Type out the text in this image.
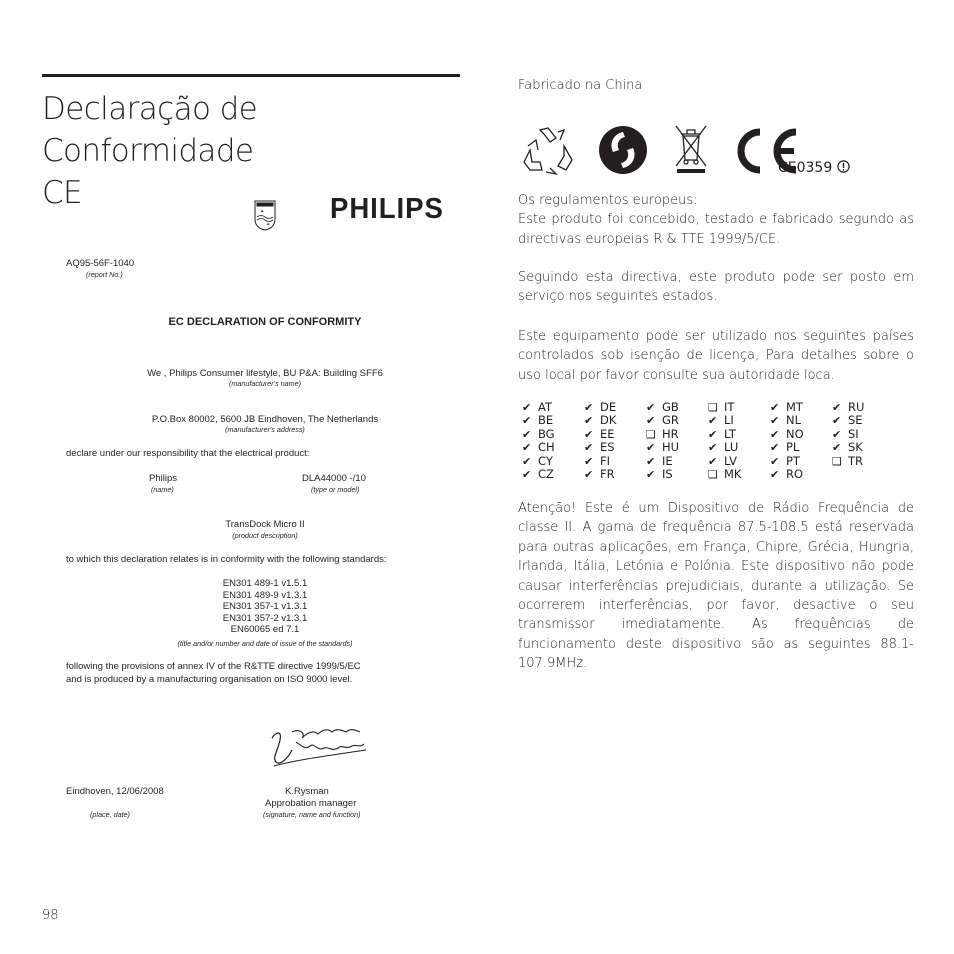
Declaração de Conformidade
CE
✦
✦ PHILIPS
AQ95-56F-1040
(report No.)
EC DECLARATION OF CONFORMITY
We , Philips Consumer lifestyle, BU P&A: Building SFF6
(manufacturer's name)
P.O.Box 80002, 5600 JB Eindhoven, The Netherlands
(manufacturer's address)
declare under our responsibility that the electrical product:
Philips
(name)
DLA44000 -/10
(type or model)
TransDock Micro II
(product description)
to which this declaration relates is in conformity with the following standards:
EN301 489-1 v1.5.1
EN301 489-9 v1.3.1
EN301 357-1 v1.3.1
EN301 357-2 v1.3.1
EN60065 ed 7.1
(title and/or number and date of issue of the standards)
following the provisions of annex IV of the R&TTE directive 1999/5/EC
and is produced by a manufacturing organisation on ISO 9000 level.
Eindhoven, 12/06/2008
(place, date)
K.Rysman
Approbation manager
(signature, name and function)
98
Fabricado na China
CE0359

Os regulamentos europeus:
Este produto foi concebido, testado e fabricado segundo as directivas europeias R & TTE 1999/5/CE.

Seguindo esta directiva, este produto pode ser posto em serviço nos seguintes estados.

Este equipamento pode ser utilizado nos seguintes países controlados sob isenção de licença, Para detalhes sobre o uso local por favor consulte sua autoridade loca.

✔ AT	✔ DE	✔ GB	❑ IT	✔ MT	✔ RU
✔ BE	✔ DK	✔ GR	✔ LI	✔ NL	✔ SE
✔ BG	✔ EE	❑ HR	✔ LT	✔ NO	✔ SI
✔ CH	✔ ES	✔ HU	✔ LU	✔ PL	✔ SK
✔ CY	✔ FI	✔ IE	✔ LV	✔ PT	❑ TR
✔ CZ	✔ FR	✔ IS	❑ MK	✔ RO

Atenção! Este é um Dispositivo de Rádio Frequência de classe II. A gama de frequência 87.5-108.5 está reservada para outras aplicações, em França, Chipre, Grécia, Hungria, Irlanda, Itália, Letónia e Polónia. Este dispositivo não pode causar interferências prejudiciais, durante a utilização. Se ocorrerem interferências, por favor, desactive o seu transmissor imediatamente. As frequências de funcionamento deste dispositivo são as seguintes 88.1-107.9MHz.
